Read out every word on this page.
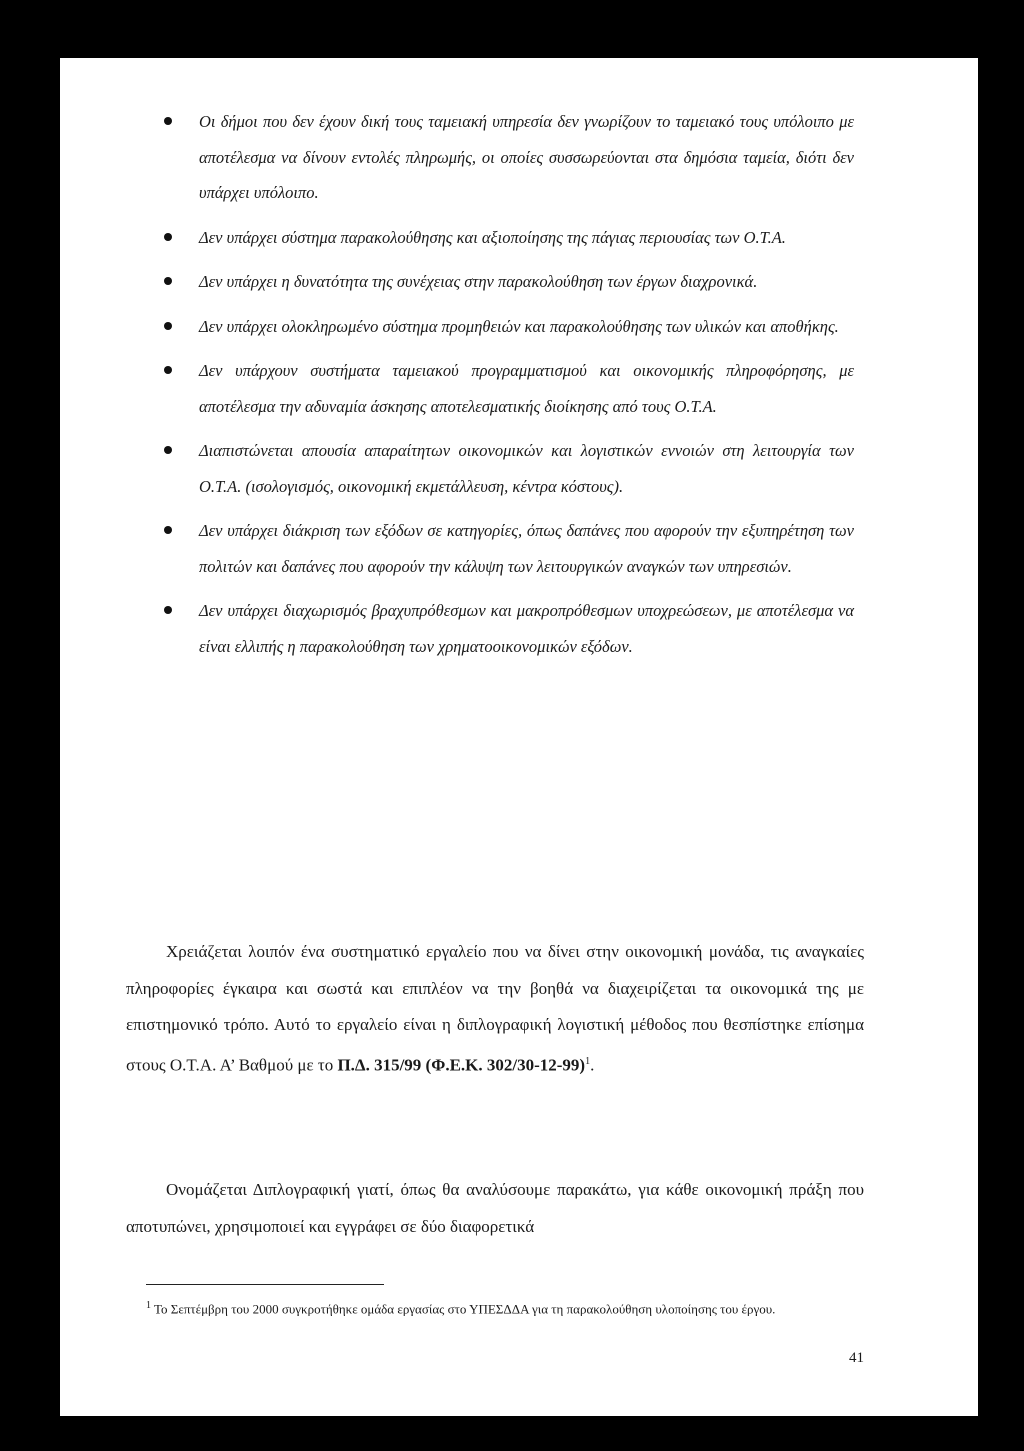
Οι δήμοι που δεν έχουν δική τους ταμειακή υπηρεσία δεν γνωρίζουν το ταμειακό τους υπόλοιπο με αποτέλεσμα να δίνουν εντολές πληρωμής, οι οποίες συσσωρεύονται στα δημόσια ταμεία, διότι δεν υπάρχει υπόλοιπο.
Δεν υπάρχει σύστημα παρακολούθησης και αξιοποίησης της πάγιας περιουσίας των Ο.Τ.Α.
Δεν υπάρχει η δυνατότητα της συνέχειας στην παρακολούθηση των έργων διαχρονικά.
Δεν υπάρχει ολοκληρωμένο σύστημα προμηθειών και παρακολούθησης των υλικών και αποθήκης.
Δεν υπάρχουν συστήματα ταμειακού προγραμματισμού και οικονομικής πληροφόρησης, με αποτέλεσμα την αδυναμία άσκησης αποτελεσματικής διοίκησης από τους Ο.Τ.Α.
Διαπιστώνεται απουσία απαραίτητων οικονομικών και λογιστικών εννοιών στη λειτουργία των Ο.Τ.Α. (ισολογισμός, οικονομική εκμετάλλευση, κέντρα κόστους).
Δεν υπάρχει διάκριση των εξόδων σε κατηγορίες, όπως δαπάνες που αφορούν την εξυπηρέτηση των πολιτών και δαπάνες που αφορούν την κάλυψη των λειτουργικών αναγκών των υπηρεσιών.
Δεν υπάρχει διαχωρισμός βραχυπρόθεσμων και μακροπρόθεσμων υποχρεώσεων, με αποτέλεσμα να είναι ελλιπής η παρακολούθηση των χρηματοοικονομικών εξόδων.

Χρειάζεται λοιπόν ένα συστηματικό εργαλείο που να δίνει στην οικονομική μονάδα, τις αναγκαίες πληροφορίες έγκαιρα και σωστά και επιπλέον να την βοηθά να διαχειρίζεται τα οικονομικά της με επιστημονικό τρόπο. Αυτό το εργαλείο είναι η διπλογραφική λογιστική μέθοδος που θεσπίστηκε επίσημα στους Ο.Τ.Α. Α’ Βαθμού με το Π.Δ. 315/99 (Φ.Ε.Κ. 302/30-12-99)$^1$.

Ονομάζεται Διπλογραφική γιατί, όπως θα αναλύσουμε παρακάτω, για κάθε οικονομική πράξη που αποτυπώνει, χρησιμοποιεί και εγγράφει σε δύο διαφορετικά

$^1$ Το Σεπτέμβρη του 2000 συγκροτήθηκε ομάδα εργασίας στο ΥΠΕΣΔΔΑ για τη παρακολούθηση υλοποίησης του έργου.

41
